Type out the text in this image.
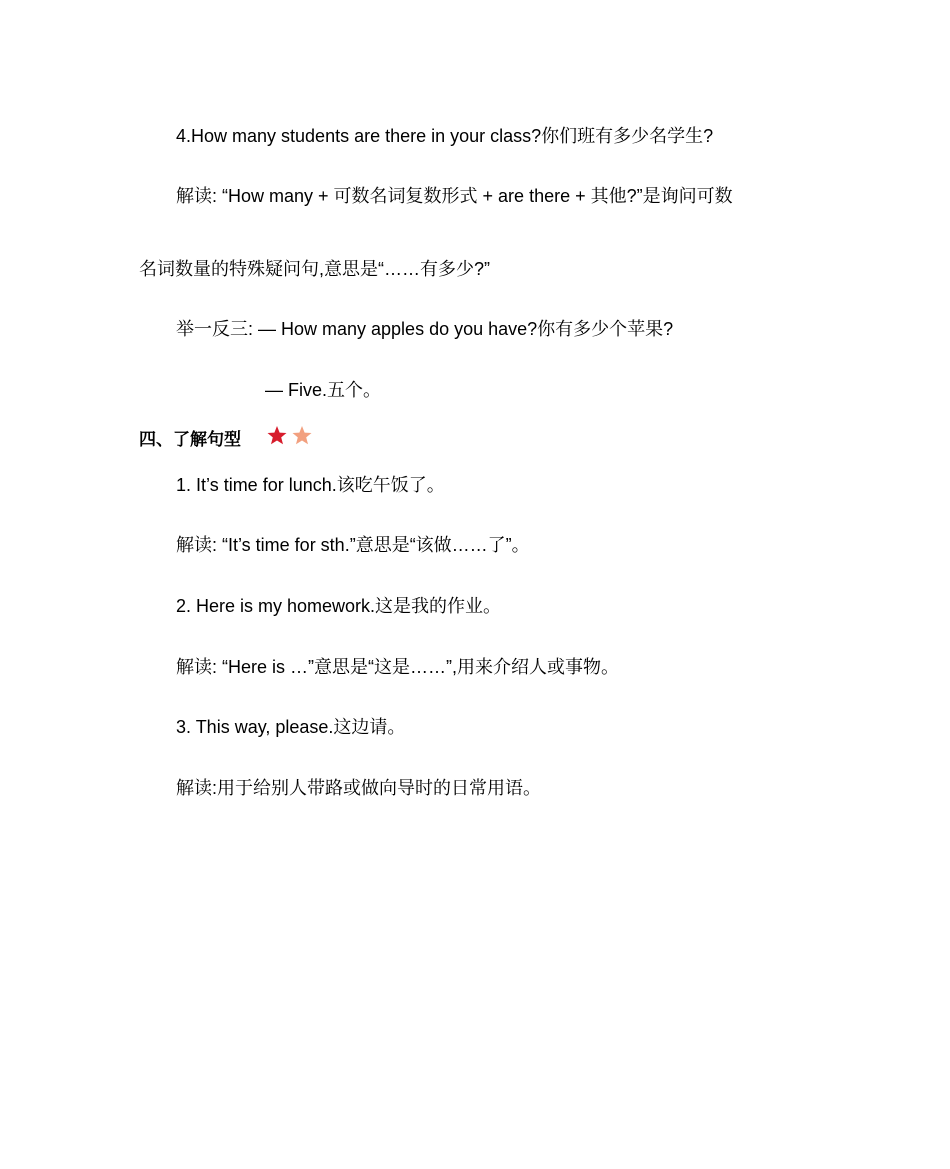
4.How many students are there in your class?你们班有多少名学生?
解读: “How many + 可数名词复数形式 + are there + 其他?”是询问可数
名词数量的特殊疑问句,意思是“……有多少?”
举一反三: — How many apples do you have?你有多少个苹果?
— Five.五个。
四、了解句型
1. It’s time for lunch.该吃午饭了。
解读: “It’s time for sth.”意思是“该做……了”。
2. Here is my homework.这是我的作业。
解读: “Here is …”意思是“这是……”,用来介绍人或事物。
3. This way, please.这边请。
解读:用于给别人带路或做向导时的日常用语。
